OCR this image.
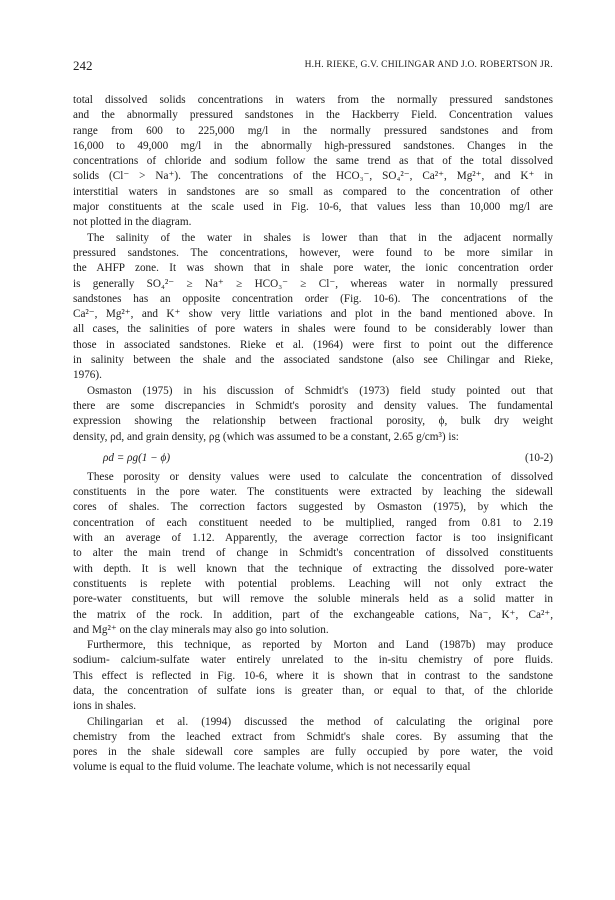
242	H.H. RIEKE, G.V. CHILINGAR AND J.O. ROBERTSON JR.
total dissolved solids concentrations in waters from the normally pressured sandstones
and the abnormally pressured sandstones in the Hackberry Field. Concentration values
range from 600 to 225,000 mg/l in the normally pressured sandstones and from
16,000 to 49,000 mg/l in the abnormally high-pressured sandstones. Changes in the
concentrations of chloride and sodium follow the same trend as that of the total dissolved
solids (Cl⁻ > Na⁺). The concentrations of the HCO₃⁻, SO₄²⁻, Ca²⁺, Mg²⁺, and K⁺ in
interstitial waters in sandstones are so small as compared to the concentration of other
major constituents at the scale used in Fig. 10-6, that values less than 10,000 mg/l are
not plotted in the diagram.
The salinity of the water in shales is lower than that in the adjacent normally
pressured sandstones. The concentrations, however, were found to be more similar in
the AHFP zone. It was shown that in shale pore water, the ionic concentration order
is generally SO₄²⁻ ≥ Na⁺ ≥ HCO₃⁻ ≥ Cl⁻, whereas water in normally pressured
sandstones has an opposite concentration order (Fig. 10-6). The concentrations of the
Ca²⁻, Mg²⁺, and K⁺ show very little variations and plot in the band mentioned above. In
all cases, the salinities of pore waters in shales were found to be considerably lower than
those in associated sandstones. Rieke et al. (1964) were first to point out the difference
in salinity between the shale and the associated sandstone (also see Chilingar and Rieke,
1976).
Osmaston (1975) in his discussion of Schmidt's (1973) field study pointed out that
there are some discrepancies in Schmidt's porosity and density values. The fundamental
expression showing the relationship between fractional porosity, ϕ, bulk dry weight
density, ρd, and grain density, ρg (which was assumed to be a constant, 2.65 g/cm³) is:
ρd = ρg(1 − ϕ)	(10-2)
These porosity or density values were used to calculate the concentration of dissolved
constituents in the pore water. The constituents were extracted by leaching the sidewall
cores of shales. The correction factors suggested by Osmaston (1975), by which the
concentration of each constituent needed to be multiplied, ranged from 0.81 to 2.19
with an average of 1.12. Apparently, the average correction factor is too insignificant
to alter the main trend of change in Schmidt's concentration of dissolved constituents
with depth. It is well known that the technique of extracting the dissolved pore-water
constituents is replete with potential problems. Leaching will not only extract the
pore-water constituents, but will remove the soluble minerals held as a solid matter in
the matrix of the rock. In addition, part of the exchangeable cations, Na⁻, K⁺, Ca²⁺,
and Mg²⁺ on the clay minerals may also go into solution.
Furthermore, this technique, as reported by Morton and Land (1987b) may produce
sodium- calcium-sulfate water entirely unrelated to the in-situ chemistry of pore fluids.
This effect is reflected in Fig. 10-6, where it is shown that in contrast to the sandstone
data, the concentration of sulfate ions is greater than, or equal to that, of the chloride
ions in shales.
Chilingarian et al. (1994) discussed the method of calculating the original pore
chemistry from the leached extract from Schmidt's shale cores. By assuming that the
pores in the shale sidewall core samples are fully occupied by pore water, the void
volume is equal to the fluid volume. The leachate volume, which is not necessarily equal
